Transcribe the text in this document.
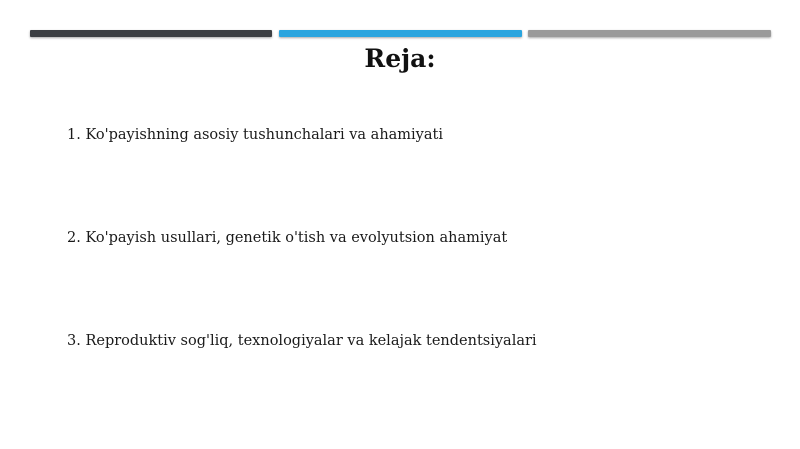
Reja:
1. Ko'payishning asosiy tushunchalari va ahamiyati
2. Ko'payish usullari, genetik o'tish va evolyutsion ahamiyat
3. Reproduktiv sog'liq, texnologiyalar va kelajak tendentsiyalari
